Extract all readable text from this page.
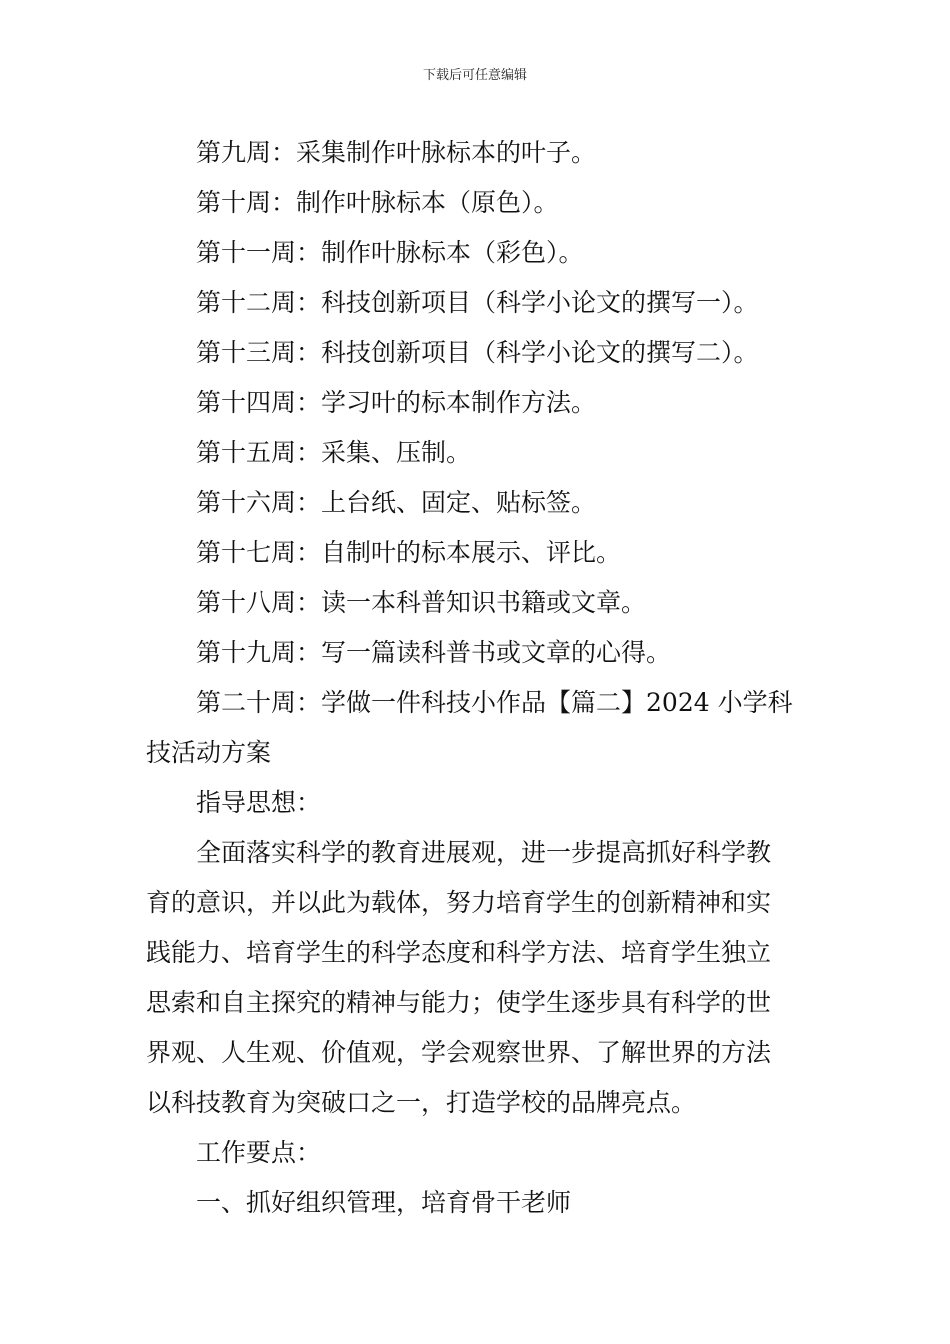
下载后可任意编辑
第九周：采集制作叶脉标本的叶子。
第十周：制作叶脉标本（原色）。
第十一周：制作叶脉标本（彩色）。
第十二周：科技创新项目（科学小论文的撰写一）。
第十三周：科技创新项目（科学小论文的撰写二）。
第十四周：学习叶的标本制作方法。
第十五周：采集、压制。
第十六周：上台纸、固定、贴标签。
第十七周：自制叶的标本展示、评比。
第十八周：读一本科普知识书籍或文章。
第十九周：写一篇读科普书或文章的心得。
第二十周：学做一件科技小作品【篇二】2024 小学科
技活动方案
指导思想：
全面落实科学的教育进展观，进一步提高抓好科学教
育的意识，并以此为载体，努力培育学生的创新精神和实
践能力、培育学生的科学态度和科学方法、培育学生独立
思索和自主探究的精神与能力；使学生逐步具有科学的世
界观、人生观、价值观，学会观察世界、了解世界的方法
以科技教育为突破口之一，打造学校的品牌亮点。
工作要点：
一、抓好组织管理，培育骨干老师
